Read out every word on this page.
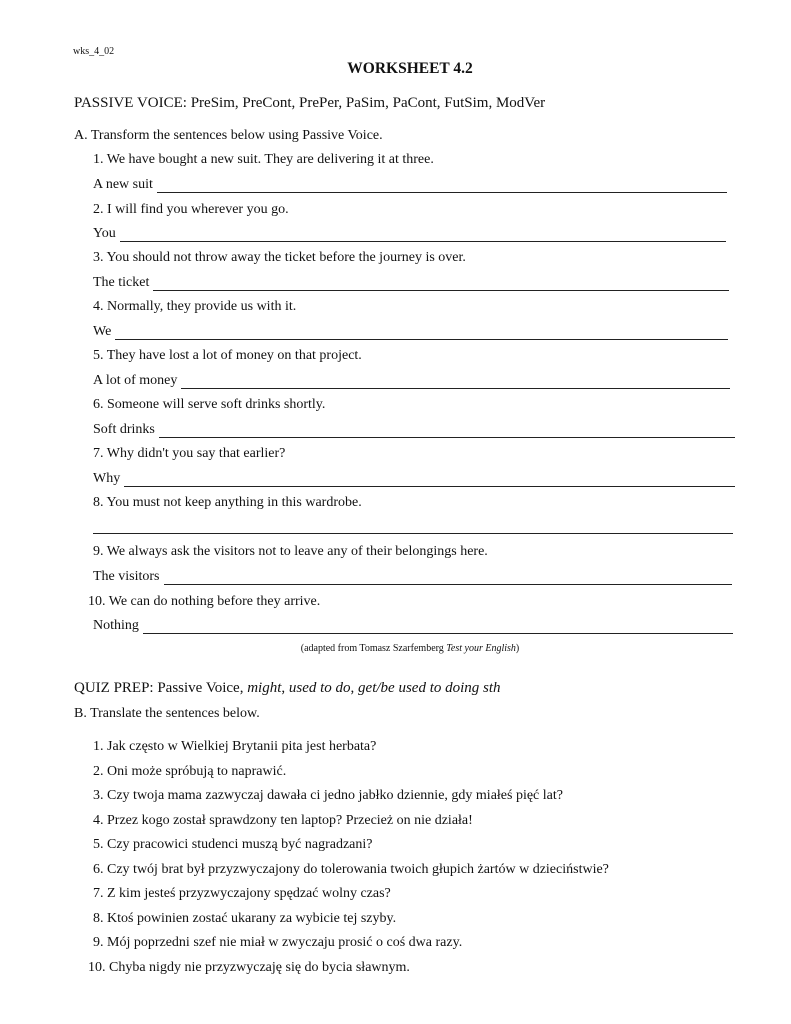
wks_4_02
WORKSHEET 4.2
PASSIVE VOICE: PreSim, PreCont, PrePer, PaSim, PaCont, FutSim, ModVer
A. Transform the sentences below using Passive Voice.
1. We have bought a new suit. They are delivering it at three.
A new suit
2. I will find you wherever you go.
You
3. You should not throw away the ticket before the journey is over.
The ticket
4. Normally, they provide us with it.
We
5. They have lost a lot of money on that project.
A lot of money
6. Someone will serve soft drinks shortly.
Soft drinks
7. Why didn't you say that earlier?
Why
8. You must not keep anything in this wardrobe.
9. We always ask the visitors not to leave any of their belongings here.
The visitors
10. We can do nothing before they arrive.
Nothing
(adapted from Tomasz Szarfemberg Test your English)
QUIZ PREP: Passive Voice, might, used to do, get/be used to doing sth
B. Translate the sentences below.
1. Jak często w Wielkiej Brytanii pita jest herbata?
2. Oni może spróbują to naprawić.
3. Czy twoja mama zazwyczaj dawała ci jedno jabłko dziennie, gdy miałeś pięć lat?
4. Przez kogo został sprawdzony ten laptop? Przecież on nie działa!
5. Czy pracowici studenci muszą być nagradzani?
6. Czy twój brat był przyzwyczajony do tolerowania twoich głupich żartów w dzieciństwie?
7. Z kim jesteś przyzwyczajony spędzać wolny czas?
8. Ktoś powinien zostać ukarany za wybicie tej szyby.
9. Mój poprzedni szef nie miał w zwyczaju prosić o coś dwa razy.
10. Chyba nigdy nie przyzwyczaję się do bycia sławnym.
